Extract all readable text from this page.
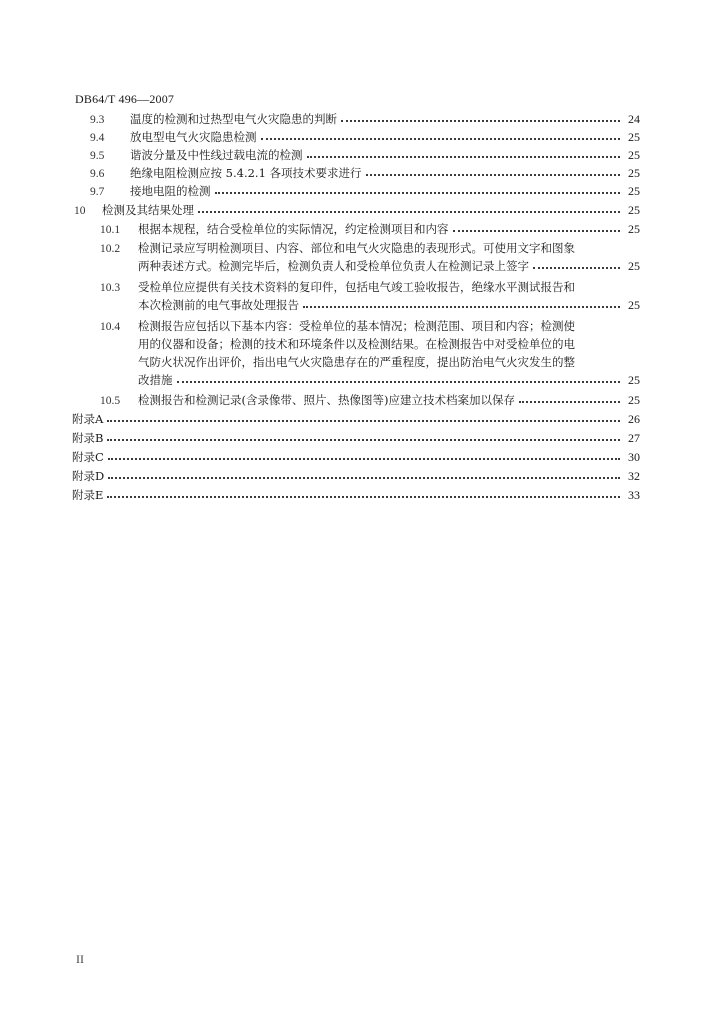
DB64/T 496—2007
9.3	温度的检测和过热型电气火灾隐患的判断	24
9.4	放电型电气火灾隐患检测	25
9.5	谐波分量及中性线过载电流的检测	25
9.6	绝缘电阻检测应按 5.4.2.1 各项技术要求进行	25
9.7	接地电阻的检测	25
10	检测及其结果处理	25
10.1	根据本规程，结合受检单位的实际情况，约定检测项目和内容	25
10.2	检测记录应写明检测项目、内容、部位和电气火灾隐患的表现形式。可使用文字和图象
两种表述方式。检测完毕后，检测负责人和受检单位负责人在检测记录上签字	25
10.3	受检单位应提供有关技术资料的复印件，包括电气竣工验收报告，绝缘水平测试报告和
本次检测前的电气事故处理报告	25
10.4	检测报告应包括以下基本内容：受检单位的基本情况；检测范围、项目和内容；检测使
用的仪器和设备；检测的技术和环境条件以及检测结果。在检测报告中对受检单位的电
气防火状况作出评价，指出电气火灾隐患存在的严重程度，提出防治电气火灾发生的整
改措施	25
10.5	检测报告和检测记录(含录像带、照片、热像图等)应建立技术档案加以保存	25
附录A	26
附录B	27
附录C	30
附录D	32
附录E	33
II
